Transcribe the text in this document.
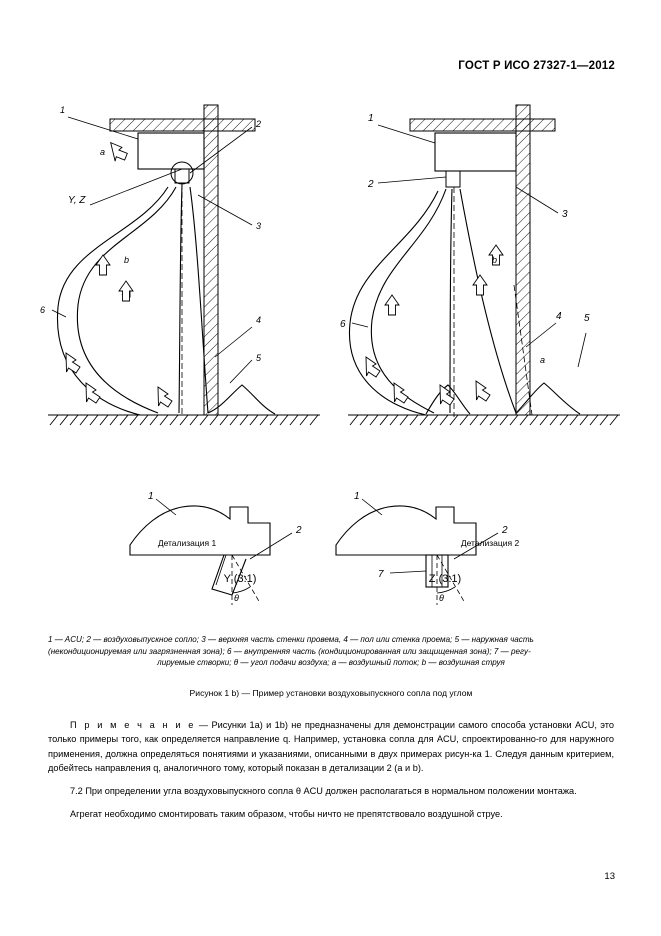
ГОСТ Р ИСО 27327-1—2012
1
2
3
4
5
6
Y, Z
a
b
1
2
3
4 5
6
b
a
θ
1
2
θ
1
2
7
Детализация 1	Детализация 2
Y (3:1)	Z (3:1)
1 — ACU; 2 — воздуховыпускное сопло; 3 — верхняя часть стенки провема, 4 — пол или стенка проема; 5 — наружная часть
(некондиционируемая или загрязненная зона); 6 — внутренняя часть (кондиционированная или защищенная зона); 7 — регу-
лируемые створки; θ — угол подачи воздуха; a — воздушный поток; b — воздушная струя
Рисунок 1 b) — Пример установки воздуховыпускного сопла под углом

П р и м е ч а н и е — Рисунки 1а) и 1b) не предназначены для демонстрации самого способа установки ACU, это только примеры того, как определяется направление q. Например, установка сопла для ACU, спроектированно-го для наружного применения, должна определяться понятиями и указаниями, описанными в двух примерах рисун-ка 1. Следуя данным критерием, добейтесь направления q, аналогичного тому, который показан в детализации 2 (a и b).

7.2 При определении угла воздуховыпускного сопла θ ACU должен располагаться в нормальном положении монтажа.

Агрегат необходимо смонтировать таким образом, чтобы ничто не препятствовало воздушной струе.

13
